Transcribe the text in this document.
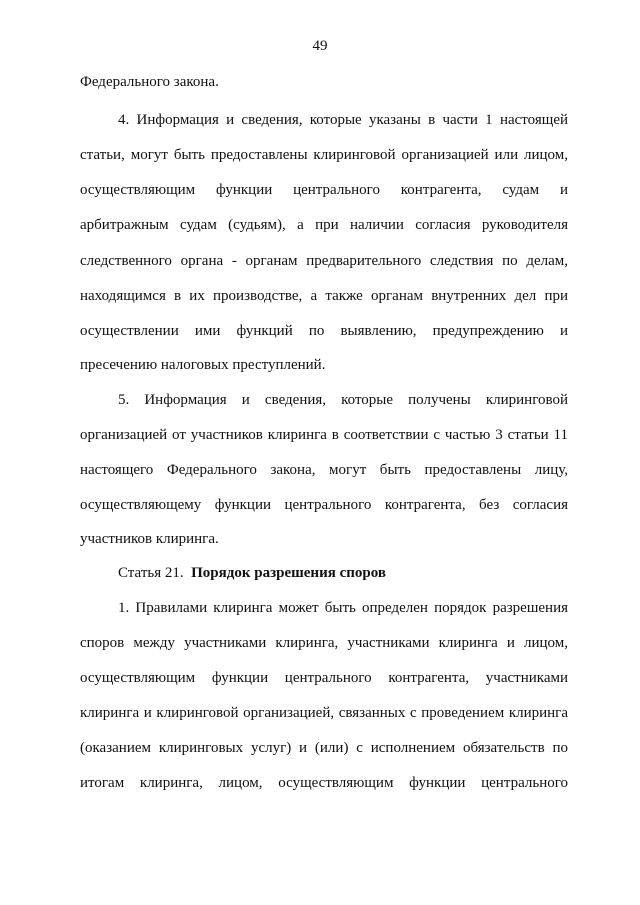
49
Федерального закона.
4. Информация и сведения, которые указаны в части 1 настоящей
статьи, могут быть предоставлены клиринговой организацией или лицом,
осуществляющим функции центрального контрагента, судам и
арбитражным судам (судьям), а при наличии согласия руководителя
следственного органа - органам предварительного следствия по делам,
находящимся в их производстве, а также органам внутренних дел при
осуществлении ими функций по выявлению, предупреждению и
пресечению налоговых преступлений.
5. Информация и сведения, которые получены клиринговой
организацией от участников клиринга в соответствии с частью 3 статьи 11
настоящего Федерального закона, могут быть предоставлены лицу,
осуществляющему функции центрального контрагента, без согласия
участников клиринга.
Статья 21. Порядок разрешения споров
1. Правилами клиринга может быть определен порядок разрешения
споров между участниками клиринга, участниками клиринга и лицом,
осуществляющим функции центрального контрагента, участниками
клиринга и клиринговой организацией, связанных с проведением клиринга
(оказанием клиринговых услуг) и (или) с исполнением обязательств по
итогам клиринга, лицом, осуществляющим функции центрального
